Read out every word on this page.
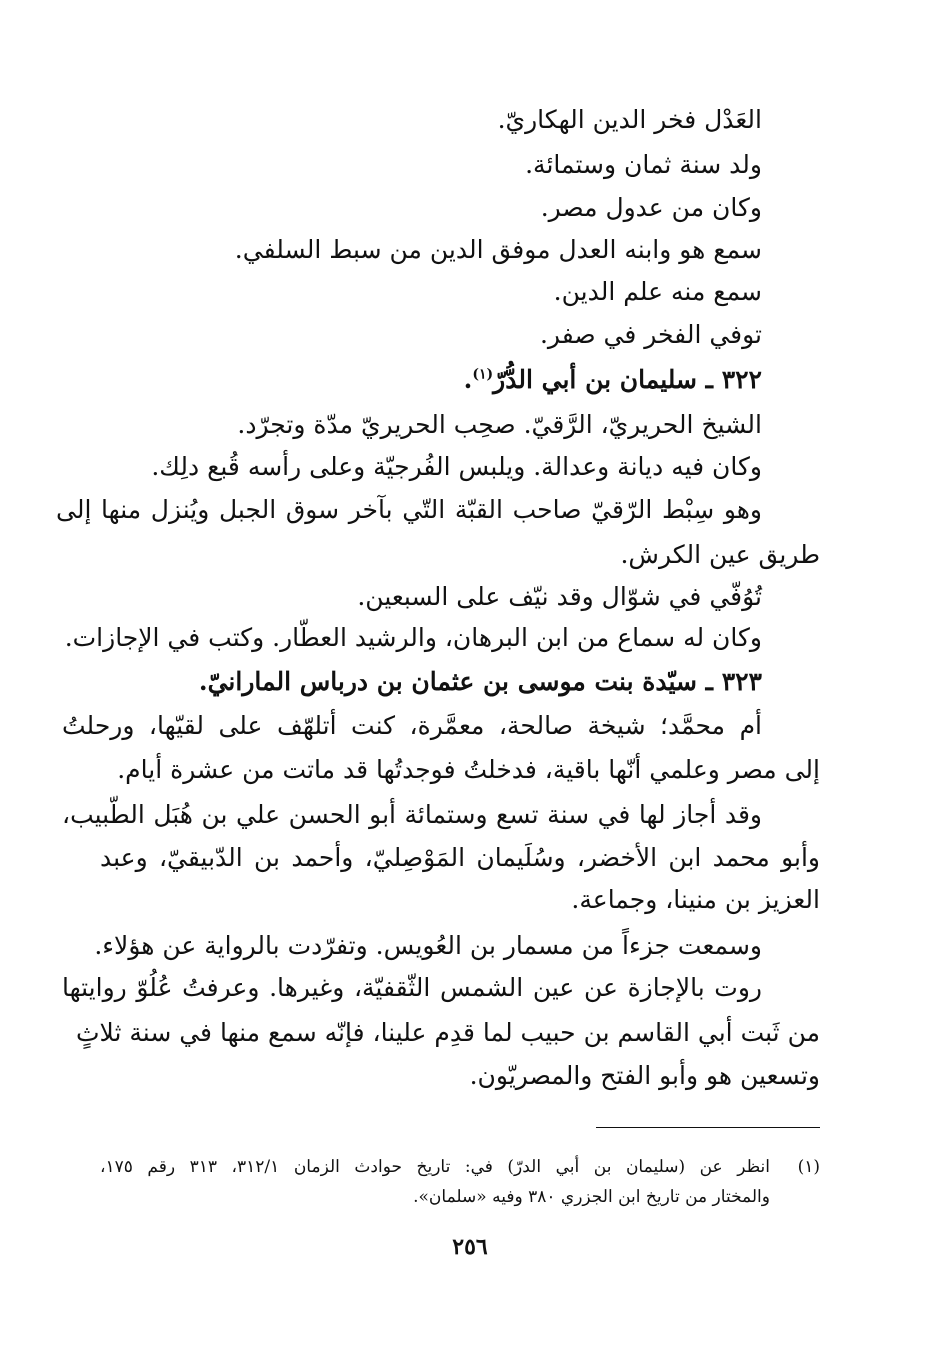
العَدْل فخر الدين الهكاريّ.
ولد سنة ثمان وستمائة.
وكان من عدول مصر.
سمع هو وابنه العدل موفق الدين من سبط السلفي.
سمع منه علم الدين.
توفي الفخر في صفر.
٣٢٢ ـ سليمان بن أبي الدُّرّ$^{(١)}$.
الشيخ الحريريّ، الرَّقيّ. صحِب الحريريّ مدّة وتجرّد.
وكان فيه ديانة وعدالة. ويلبس الفُرجيّة وعلى رأسه قُبع دلِك.
وهو سِبْط الرّقيّ صاحب القبّة التّي بآخر سوق الجبل ويُنزل منها إلى
طريق عين الكرش.
تُوُفّي في شوّال وقد نيّف على السبعين.
وكان له سماع من ابن البرهان، والرشيد العطّار. وكتب في الإجازات.
٣٢٣ ـ سيّدة بنت موسى بن عثمان بن درباس المارانيّ.
أم محمَّد؛ شيخة صالحة، معمَّرة، كنت أتلهّف على لقيّها، ورحلتُ
إلى مصر وعلمي أنّها باقية، فدخلتُ فوجدتُها قد ماتت من عشرة أيام.
وقد أجاز لها في سنة تسع وستمائة أبو الحسن علي بن هُبَل الطّبيب،
وأبو محمد ابن الأخضر، وسُلَيمان المَوْصِليّ، وأحمد بن الدّبيقيّ، وعبد
العزيز بن منينا، وجماعة.
وسمعت جزءاً من مسمار بن العُويس. وتفرّدت بالرواية عن هؤلاء.
روت بالإجازة عن عين الشمس الثّقفيّة، وغيرها. وعرفتُ عُلُوّ روايتها
من ثَبت أبي القاسم بن حبيب لما قدِم علينا، فإنّه سمع منها في سنة ثلاثٍ
وتسعين هو وأبو الفتح والمصريّون.
(١)
انظر عن (سليمان بن أبي الدرّ) في: تاريخ حوادث الزمان ٣١٢/١، ٣١٣ رقم ١٧٥،
والمختار من تاريخ ابن الجزري ٣٨٠ وفيه «سلمان».
٢٥٦
